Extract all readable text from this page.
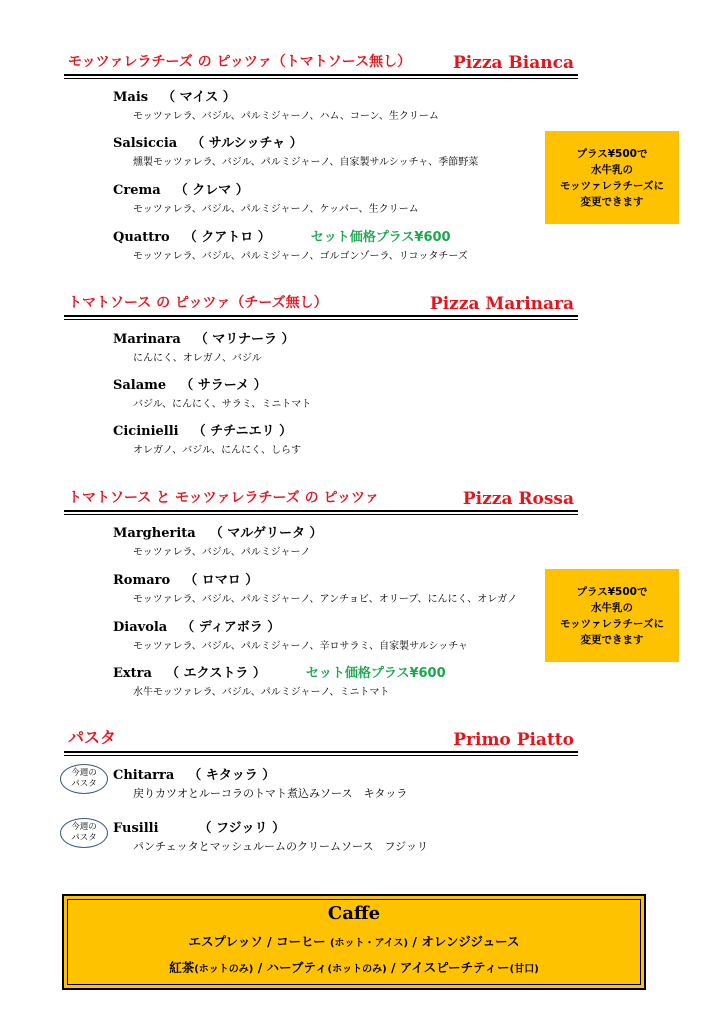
モッツァレラチーズ の ピッツァ（トマトソース無し） Pizza Bianca
Mais （ マイス ）
モッツァレラ、バジル、パルミジャーノ、ハム、コーン、生クリーム
Salsiccia （ サルシッチャ ）
燻製モッツァレラ、バジル、パルミジャーノ、自家製サルシッチャ、季節野菜
Crema （ クレマ ）
モッツァレラ、バジル、パルミジャーノ、ケッパー、生クリーム
Quattro （ クアトロ ）	セット価格プラス¥600
モッツァレラ、バジル、パルミジャーノ、ゴルゴンゾーラ、リコッタチーズ
プラス¥500で
水牛乳の
モッツァレラチーズに
変更できます
トマトソース の ピッツァ（チーズ無し）	Pizza Marinara
Marinara （ マリナーラ ）
にんにく、オレガノ、バジル
Salame （ サラーメ ）
バジル、にんにく、サラミ、ミニトマト
Cicinielli （ チチニエリ ）
オレガノ、バジル、にんにく、しらす
トマトソース と モッツァレラチーズ の ピッツァ	Pizza Rossa
Margherita （ マルゲリータ ）
モッツァレラ、バジル、パルミジャーノ
Romaro （ ロマロ ）
モッツァレラ、バジル、パルミジャーノ、アンチョビ、オリーブ、にんにく、オレガノ
Diavola （ ディアボラ ）
モッツァレラ、バジル、パルミジャーノ、辛ロサラミ、自家製サルシッチャ
Extra （ エクストラ ）	セット価格プラス¥600
水牛モッツァレラ、バジル、パルミジャーノ、ミニトマト
プラス¥500で
水牛乳の
モッツァレラチーズに
変更できます
パスタ	Primo Piatto
今週の
パスタ
Chitarra （ キタッラ ）
戻りカツオとルーコラのトマト煮込みソース　キタッラ
今週の
パスタ
Fusilli	（ フジッリ ）
パンチェッタとマッシュルームのクリームソース　フジッリ
Caffe
エスプレッソ / コーヒー (ホット・アイス) / オレンジジュース
紅茶(ホットのみ) / ハーブティ(ホットのみ) / アイスピーチティー(甘口)
